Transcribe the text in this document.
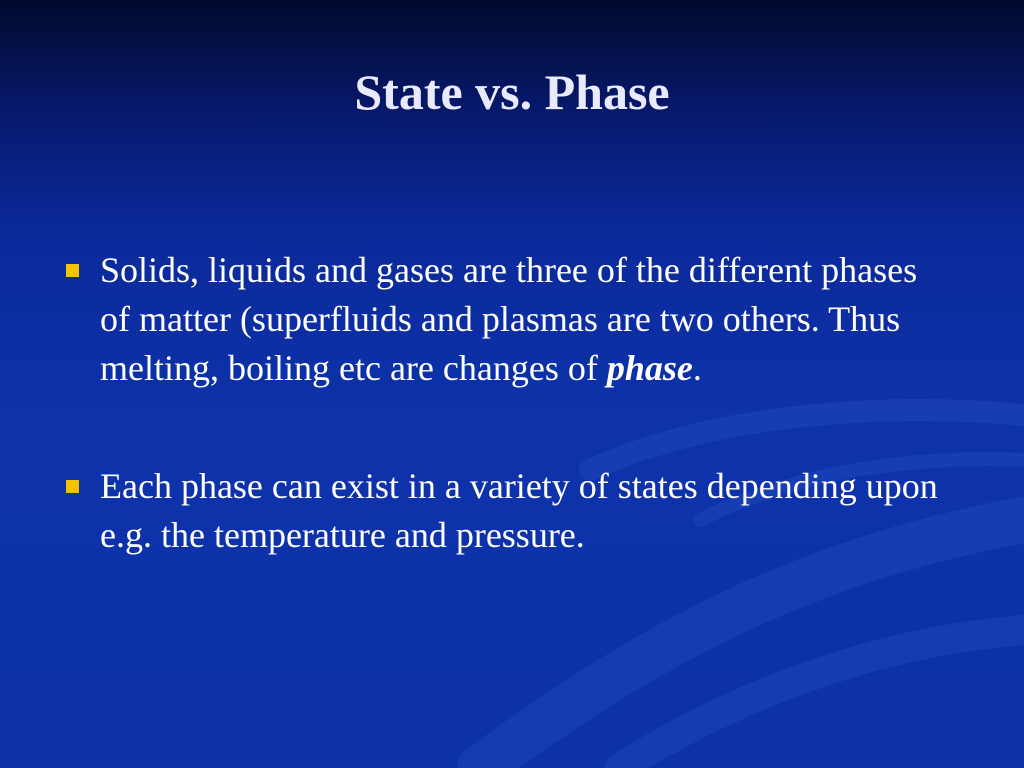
State vs. Phase
Solids, liquids and gases are three of the different phases of matter (superfluids and plasmas are two others. Thus melting, boiling etc are changes of phase.
Each phase can exist in a variety of states depending upon e.g. the temperature and pressure.
